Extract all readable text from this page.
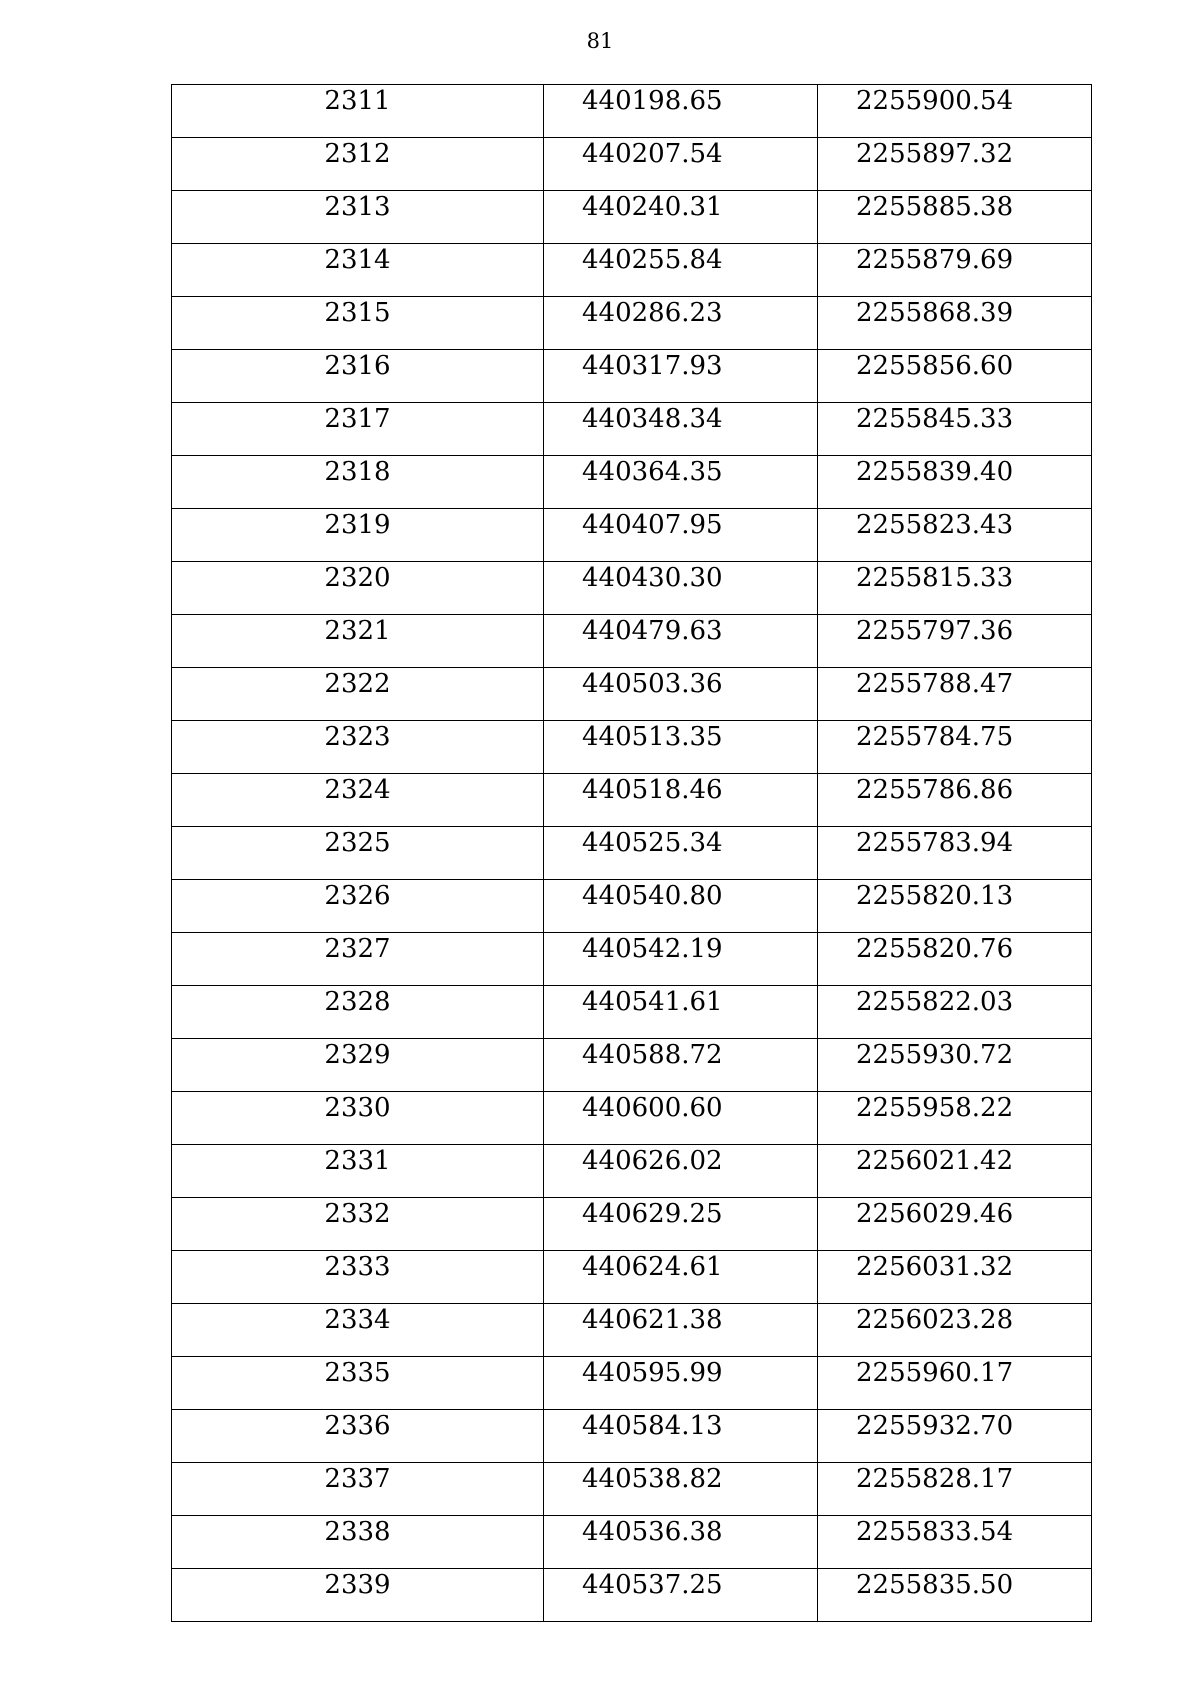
81
2311	440198.65	2255900.54
2312	440207.54	2255897.32
2313	440240.31	2255885.38
2314	440255.84	2255879.69
2315	440286.23	2255868.39
2316	440317.93	2255856.60
2317	440348.34	2255845.33
2318	440364.35	2255839.40
2319	440407.95	2255823.43
2320	440430.30	2255815.33
2321	440479.63	2255797.36
2322	440503.36	2255788.47
2323	440513.35	2255784.75
2324	440518.46	2255786.86
2325	440525.34	2255783.94
2326	440540.80	2255820.13
2327	440542.19	2255820.76
2328	440541.61	2255822.03
2329	440588.72	2255930.72
2330	440600.60	2255958.22
2331	440626.02	2256021.42
2332	440629.25	2256029.46
2333	440624.61	2256031.32
2334	440621.38	2256023.28
2335	440595.99	2255960.17
2336	440584.13	2255932.70
2337	440538.82	2255828.17
2338	440536.38	2255833.54
2339	440537.25	2255835.50
